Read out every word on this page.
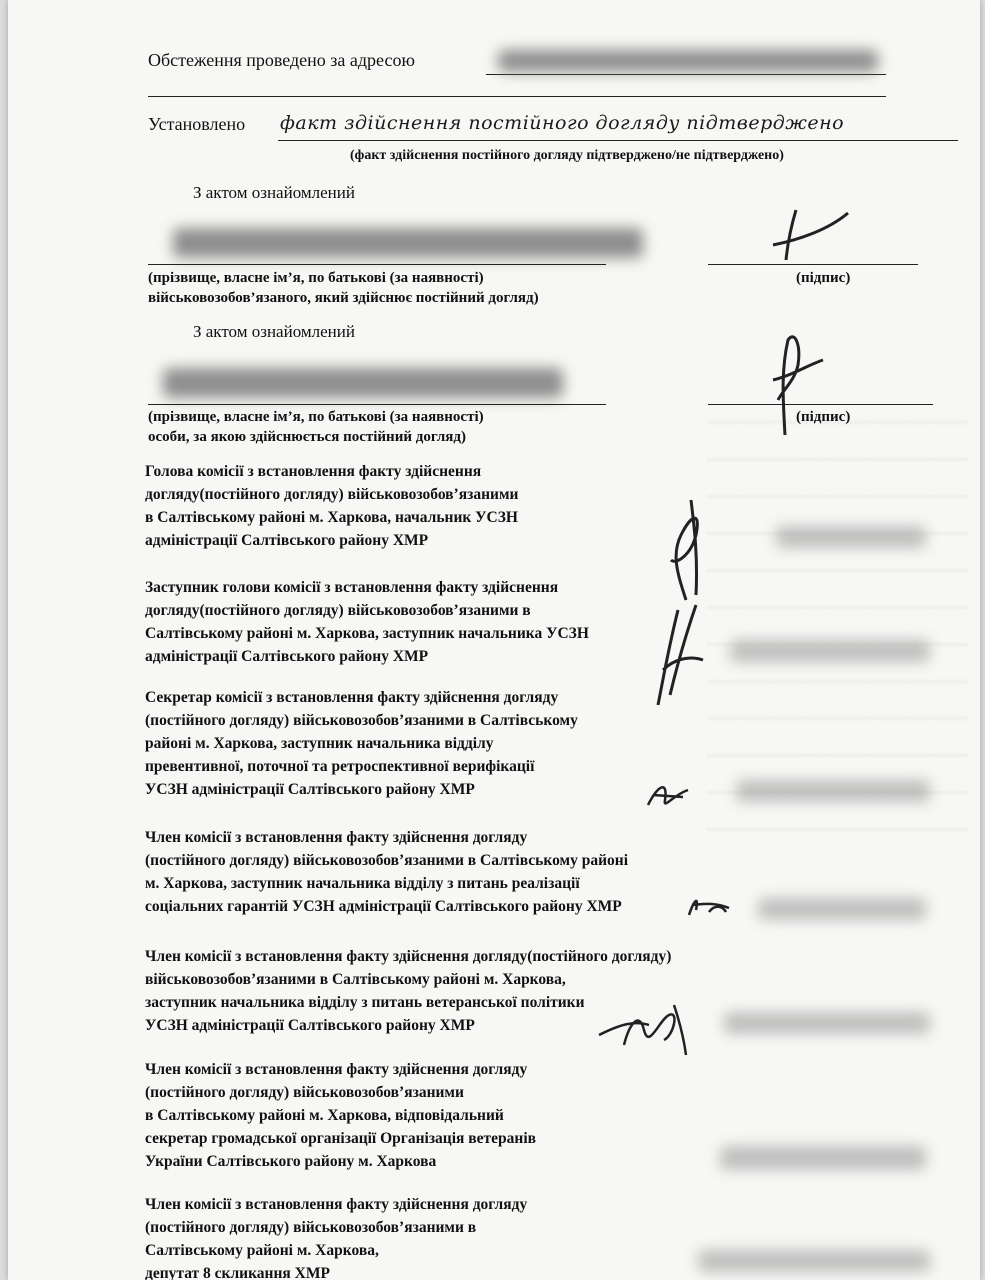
Обстеження проведено за адресою
Установлено факт здійснення постійного догляду підтверджено
(факт здійснення постійного догляду підтверджено/не підтверджено)
З актом ознайомлений
(прізвище, власне ім’я, по батькові (за наявності)
військовозобов’язаного, який здійснює постійний догляд)
(підпис)
З актом ознайомлений
(прізвище, власне ім’я, по батькові (за наявності)
особи, за якою здійснюється постійний догляд)
(підпис)
Голова комісії з встановлення факту здійснення
догляду(постійного догляду) військовозобов’язаними
в Салтівському районі м. Харкова, начальник УСЗН
адміністрації Салтівського району ХМР
Заступник голови комісії з встановлення факту здійснення
догляду(постійного догляду) військовозобов’язаними в
Салтівському районі м. Харкова, заступник начальника УСЗН
адміністрації Салтівського району ХМР
Секретар комісії з встановлення факту здійснення догляду
(постійного догляду) військовозобов’язаними в Салтівському
районі м. Харкова, заступник начальника відділу
превентивної, поточної та ретроспективної верифікації
УСЗН адміністрації Салтівського району ХМР
Член комісії з встановлення факту здійснення догляду
(постійного догляду) військовозобов’язаними в Салтівському районі
м. Харкова, заступник начальника відділу з питань реалізації
соціальних гарантій УСЗН адміністрації Салтівського району ХМР
Член комісії з встановлення факту здійснення догляду(постійного догляду)
військовозобов’язаними в Салтівському районі м. Харкова,
заступник начальника відділу з питань ветеранської політики
УСЗН адміністрації Салтівського району ХМР
Член комісії з встановлення факту здійснення догляду
(постійного догляду) військовозобов’язаними
в Салтівському районі м. Харкова, відповідальний
секретар громадської організації Організація ветеранів
України Салтівського району м. Харкова
Член комісії з встановлення факту здійснення догляду
(постійного догляду) військовозобов’язаними в
Салтівському районі м. Харкова,
депутат 8 скликання ХМР
